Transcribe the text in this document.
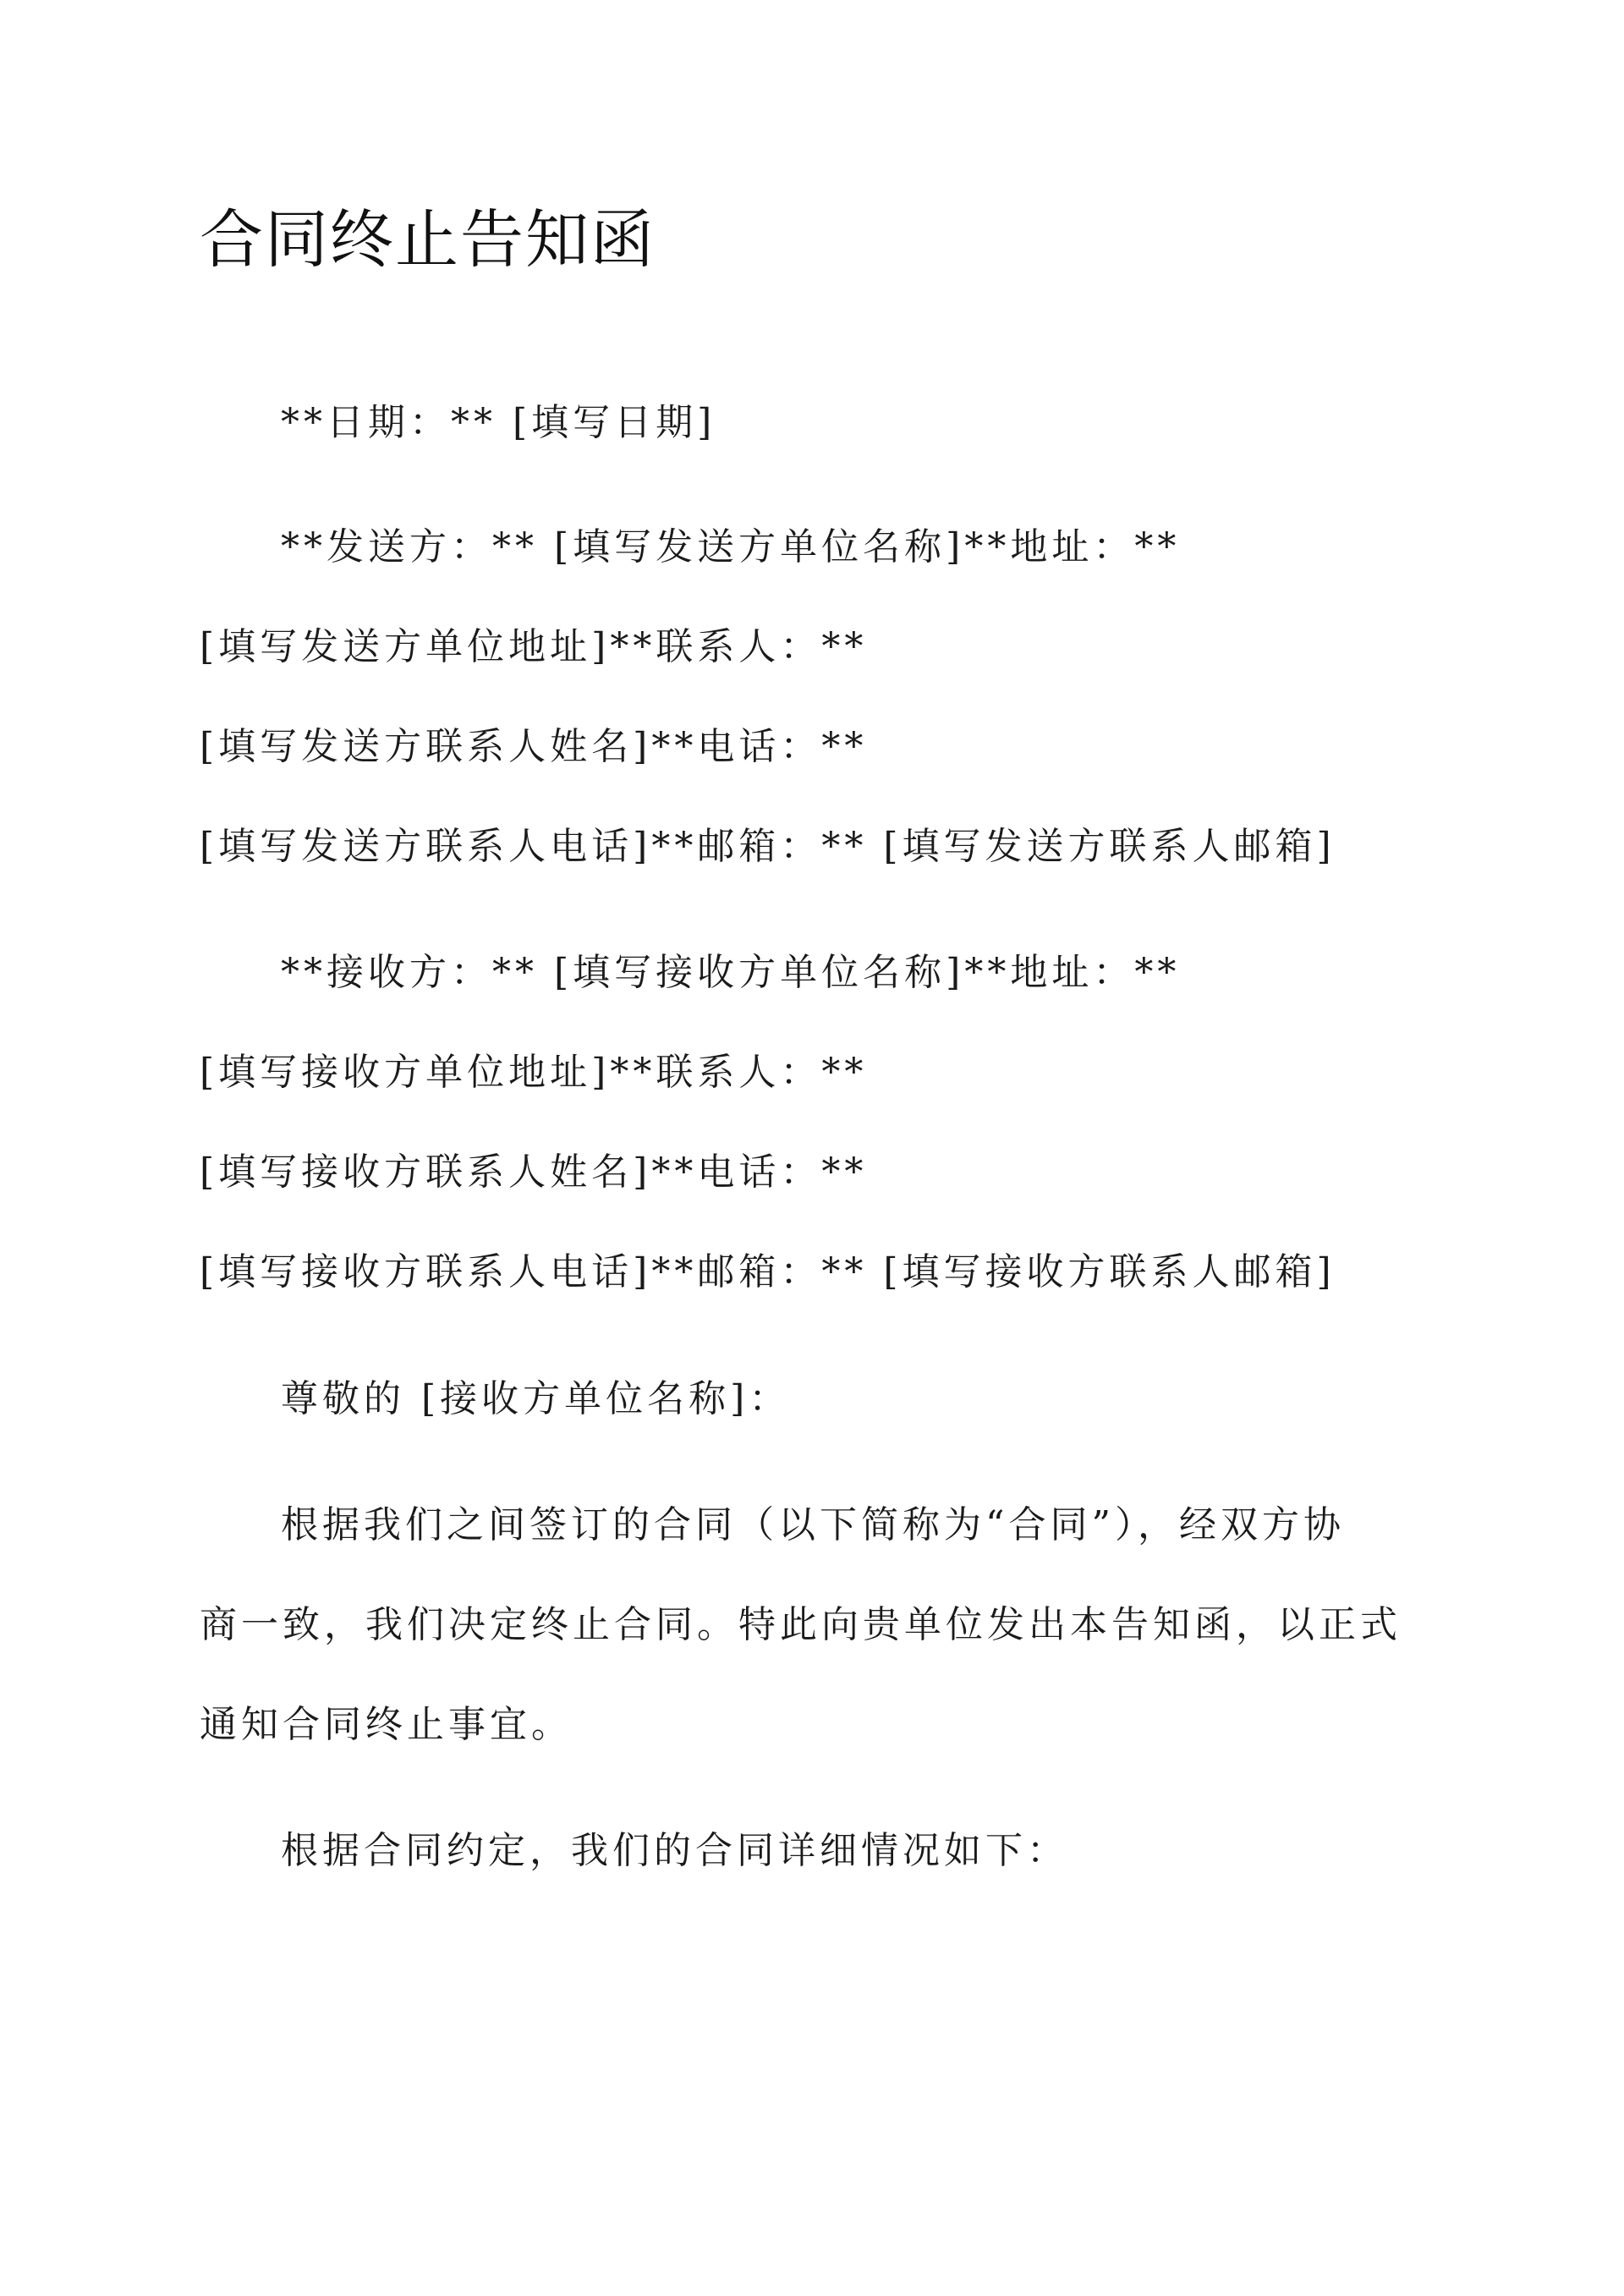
合同终止告知函

**日期：** [填写日期]

**发送方：** [填写发送方单位名称]**地址：**

[填写发送方单位地址]**联系人：**

[填写发送方联系人姓名]**电话：**

[填写发送方联系人电话]**邮箱：** [填写发送方联系人邮箱]

**接收方：** [填写接收方单位名称]**地址：**

[填写接收方单位地址]**联系人：**

[填写接收方联系人姓名]**电话：**

[填写接收方联系人电话]**邮箱：** [填写接收方联系人邮箱]

尊敬的 [接收方单位名称]：

根据我们之间签订的合同（以下简称为“合同”），经双方协

商一致，我们决定终止合同。特此向贵单位发出本告知函，以正式

通知合同终止事宜。

根据合同约定，我们的合同详细情况如下：
